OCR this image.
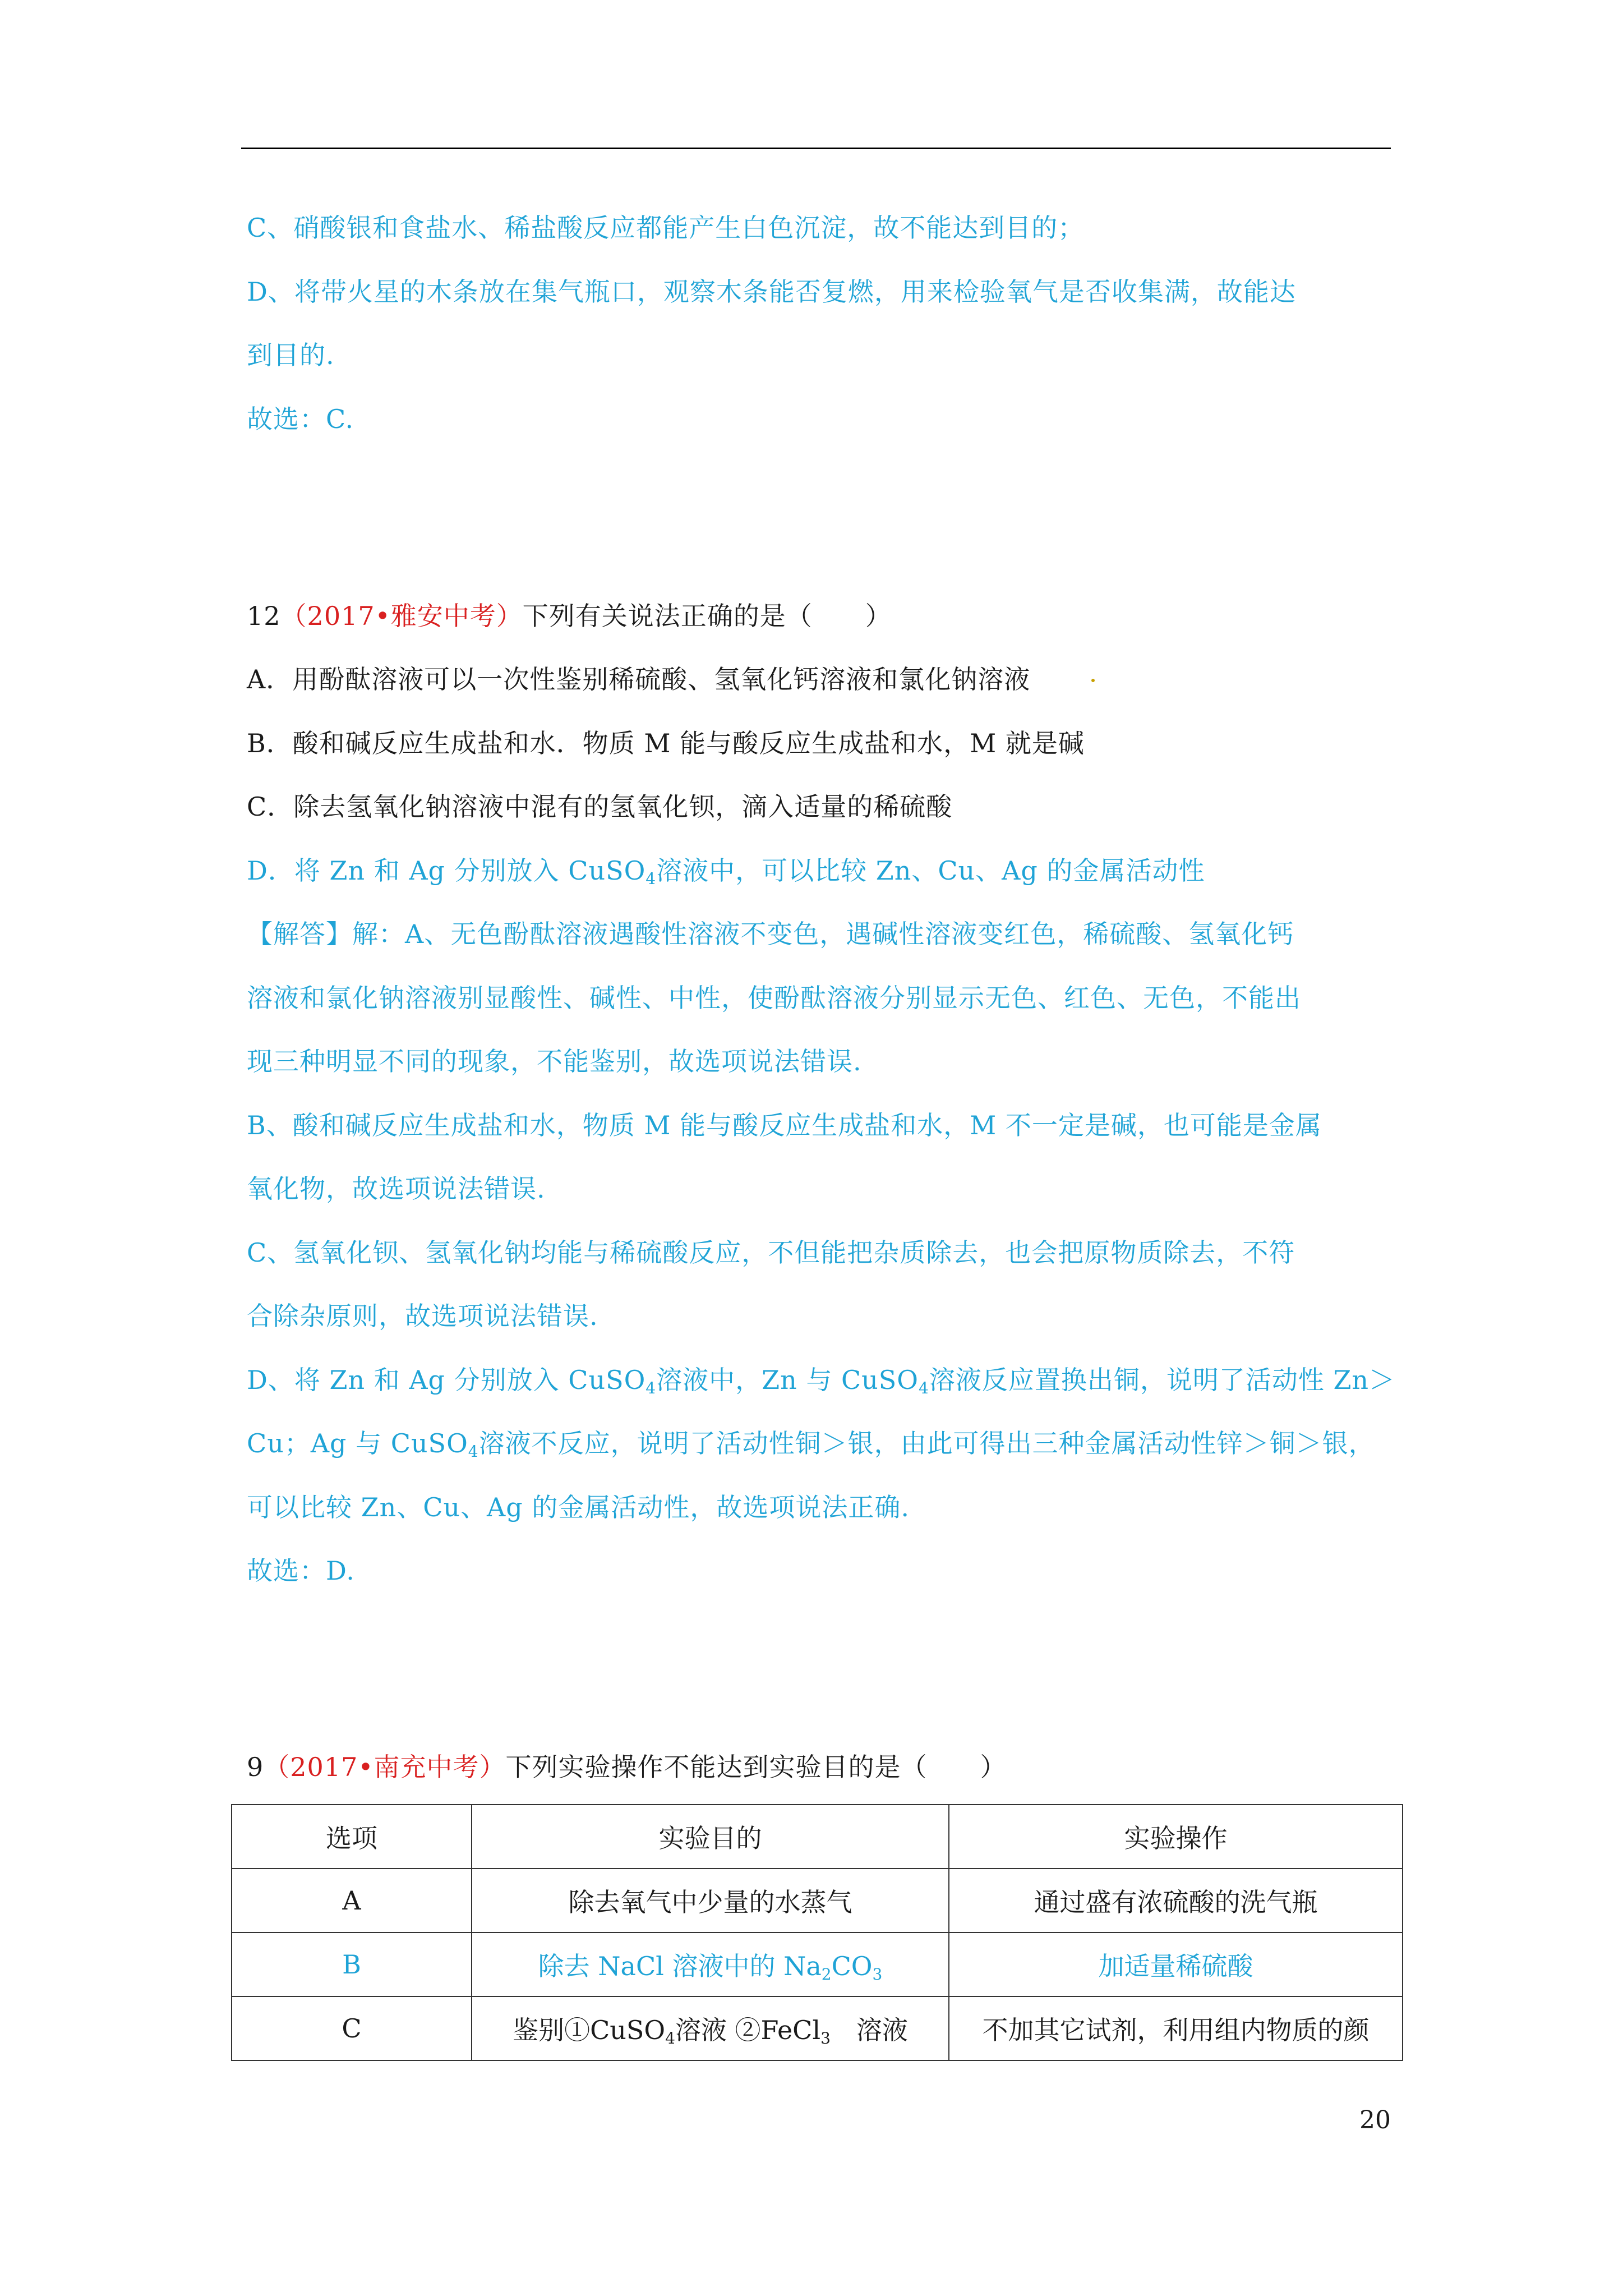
C、硝酸银和食盐水、稀盐酸反应都能产生白色沉淀，故不能达到目的；
D、将带火星的木条放在集气瓶口，观察木条能否复燃，用来检验氧气是否收集满，故能达
到目的.
故选：C.
12（2017•雅安中考）下列有关说法正确的是（　　）
A．用酚酞溶液可以一次性鉴别稀硫酸、氢氧化钙溶液和氯化钠溶液
B．酸和碱反应生成盐和水．物质 M 能与酸反应生成盐和水，M 就是碱
C．除去氢氧化钠溶液中混有的氢氧化钡，滴入适量的稀硫酸
D．将 Zn 和 Ag 分别放入 CuSO$_4$溶液中，可以比较 Zn、Cu、Ag 的金属活动性
【解答】解：A、无色酚酞溶液遇酸性溶液不变色，遇碱性溶液变红色，稀硫酸、氢氧化钙
溶液和氯化钠溶液别显酸性、碱性、中性，使酚酞溶液分别显示无色、红色、无色，不能出
现三种明显不同的现象，不能鉴别，故选项说法错误.
B、酸和碱反应生成盐和水，物质 M 能与酸反应生成盐和水，M 不一定是碱，也可能是金属
氧化物，故选项说法错误.
C、氢氧化钡、氢氧化钠均能与稀硫酸反应，不但能把杂质除去，也会把原物质除去，不符
合除杂原则，故选项说法错误.
D、将 Zn 和 Ag 分别放入 CuSO$_4$溶液中，Zn 与 CuSO$_4$溶液反应置换出铜，说明了活动性 Zn＞
Cu；Ag 与 CuSO$_4$溶液不反应，说明了活动性铜＞银，由此可得出三种金属活动性锌＞铜＞银，
可以比较 Zn、Cu、Ag 的金属活动性，故选项说法正确.
故选：D.
9（2017•南充中考）下列实验操作不能达到实验目的是（　　）
选项	实验目的	实验操作
A	除去氧气中少量的水蒸气	通过盛有浓硫酸的洗气瓶
B	除去 NaCl 溶液中的 $Na_2CO_3$	加适量稀硫酸
C	鉴别①CuSO$_4$溶液 ②FeCl$_3$　溶液	不加其它试剂，利用组内物质的颜
20
